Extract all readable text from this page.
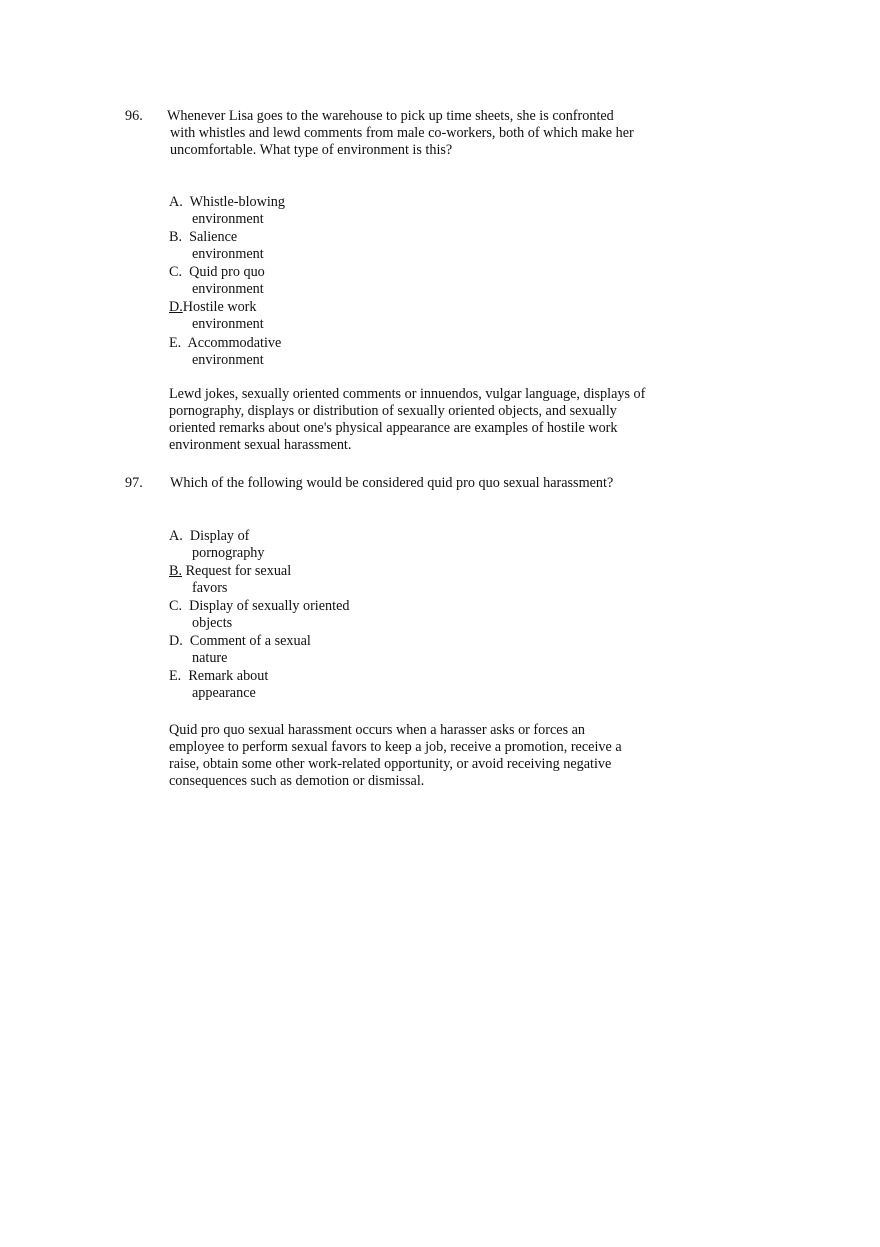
96. Whenever Lisa goes to the warehouse to pick up time sheets, she is confronted
with whistles and lewd comments from male co-workers, both of which make her
uncomfortable. What type of environment is this?
A. Whistle-blowing
environment
B. Salience
environment
C. Quid pro quo
environment
D.Hostile work
environment
E. Accommodative
environment
Lewd jokes, sexually oriented comments or innuendos, vulgar language, displays of
pornography, displays or distribution of sexually oriented objects, and sexually
oriented remarks about one's physical appearance are examples of hostile work
environment sexual harassment.
97. Which of the following would be considered quid pro quo sexual harassment?
A. Display of
pornography
B. Request for sexual
favors
C. Display of sexually oriented
objects
D. Comment of a sexual
nature
E. Remark about
appearance
Quid pro quo sexual harassment occurs when a harasser asks or forces an
employee to perform sexual favors to keep a job, receive a promotion, receive a
raise, obtain some other work-related opportunity, or avoid receiving negative
consequences such as demotion or dismissal.
